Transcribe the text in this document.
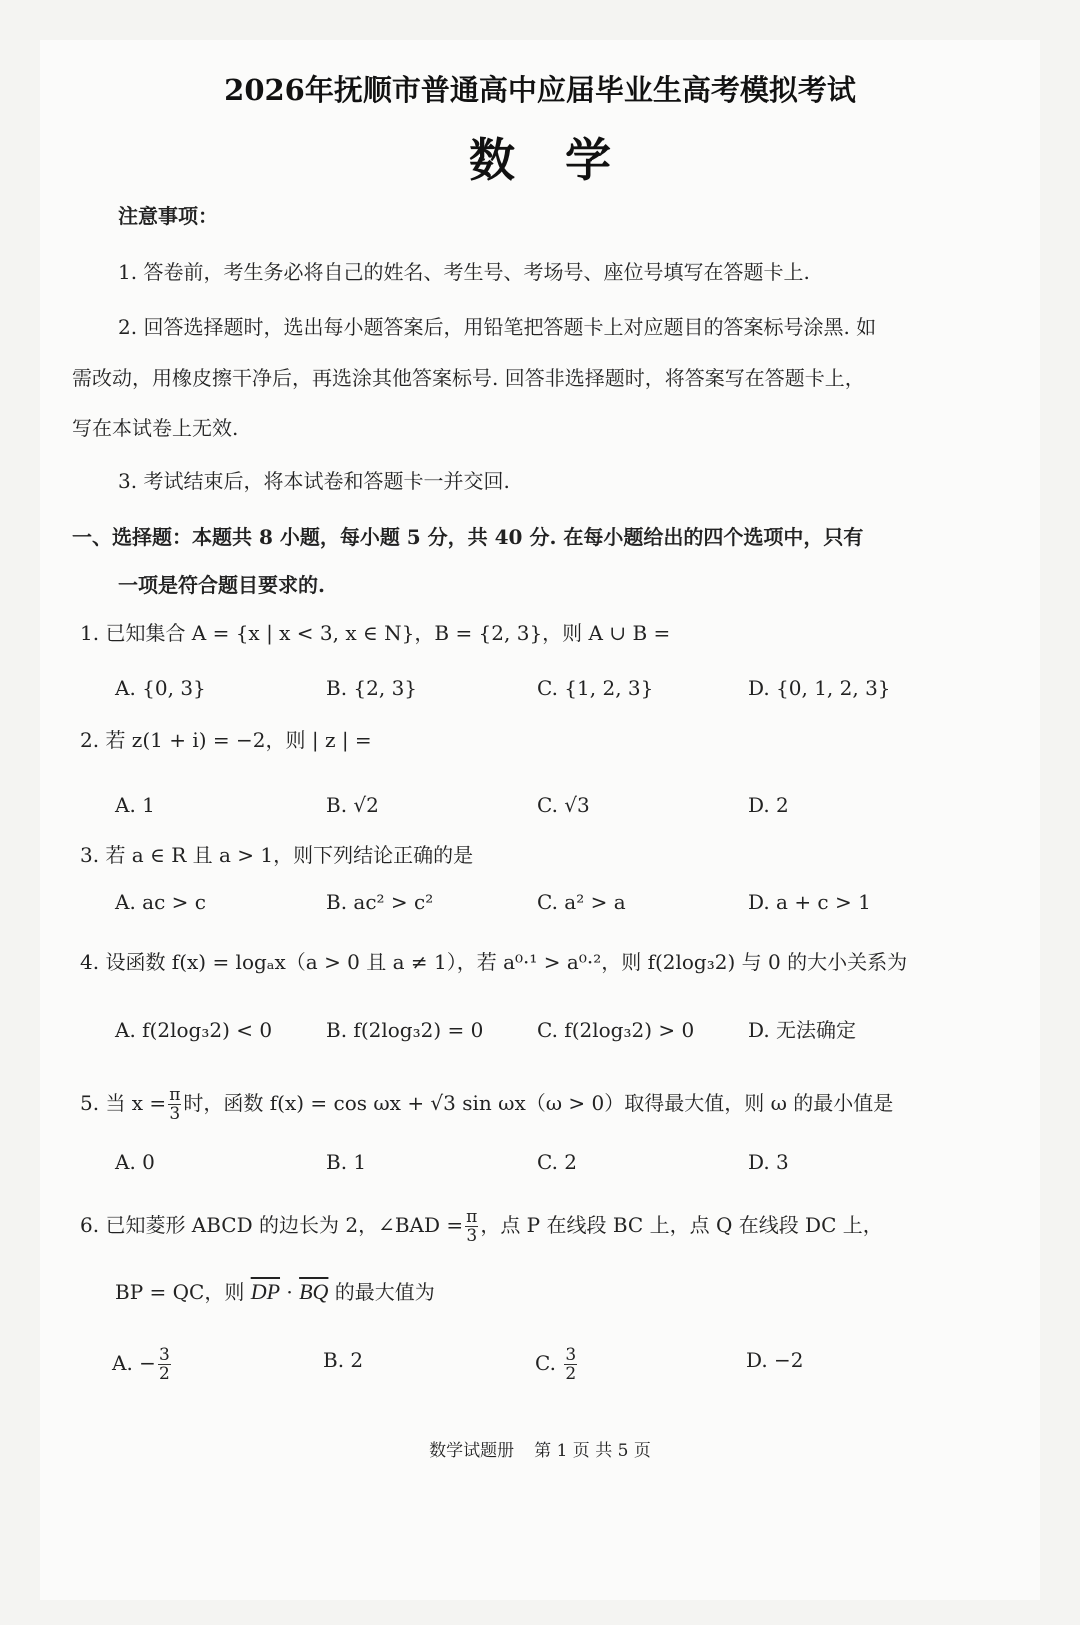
2026年抚顺市普通高中应届毕业生高考模拟考试
数学
注意事项：
1. 答卷前，考生务必将自己的姓名、考生号、考场号、座位号填写在答题卡上.
2. 回答选择题时，选出每小题答案后，用铅笔把答题卡上对应题目的答案标号涂黑. 如
需改动，用橡皮擦干净后，再选涂其他答案标号. 回答非选择题时，将答案写在答题卡上，
写在本试卷上无效.
3. 考试结束后，将本试卷和答题卡一并交回.
一、选择题：本题共 8 小题，每小题 5 分，共 40 分. 在每小题给出的四个选项中，只有
一项是符合题目要求的.
1. 已知集合 A = {x | x < 3, x ∈ N}，B = {2, 3}，则 A ∪ B =
A. {0, 3}	B. {2, 3}	C. {1, 2, 3}	D. {0, 1, 2, 3}
2. 若 z(1 + i) = −2，则 | z | =
A. 1	B. √2	C. √3	D. 2
3. 若 a ∈ R 且 a > 1，则下列结论正确的是
A. ac > c	B. ac² > c²	C. a² > a	D. a + c > 1
4. 设函数 f(x) = logₐx（a > 0 且 a ≠ 1），若 a⁰·¹ > a⁰·²，则 f(2log₃2) 与 0 的大小关系为
A. f(2log₃2) < 0	B. f(2log₃2) = 0	C. f(2log₃2) > 0	D. 无法确定
5. 当 $x = \frac{\pi}{3}$ 时，函数 f(x) = cos ωx + √3 sin ωx（ω > 0）取得最大值，则 ω 的最小值是
A. 0	B. 1	C. 2	D. 3
6. 已知菱形 ABCD 的边长为 2，∠BAD = $\frac{\pi}{3}$ ，点 P 在线段 BC 上，点 Q 在线段 DC 上，
BP = QC，则 $\overline{DP} \cdot \overline{BQ}$ 的最大值为
A. − $\frac{3}{2}$	B. 2	C. $\frac{3}{2}$	D. −2
数学试题册 第 1 页 共 5 页
